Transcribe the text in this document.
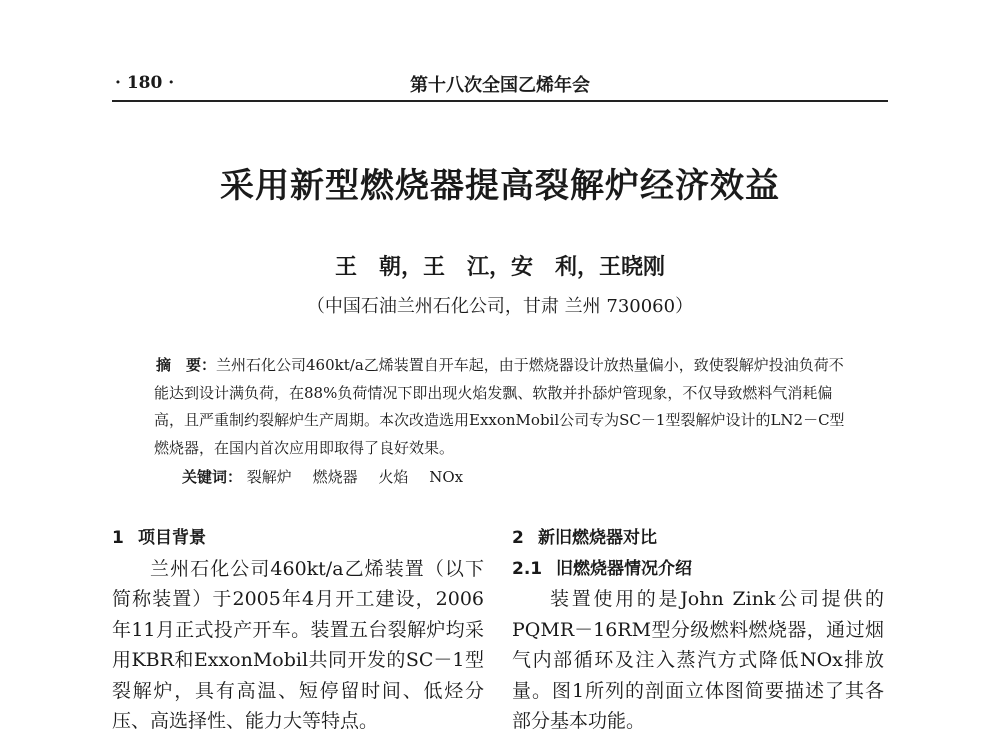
· 180 ·	第十八次全国乙烯年会
采用新型燃烧器提高裂解炉经济效益
王　朝，王　江，安　利，王晓刚
（中国石油兰州石化公司，甘肃 兰州 730060）
摘　要：兰州石化公司460kt/a乙烯装置自开车起，由于燃烧器设计放热量偏小，致使裂解炉投油负荷不能达到设计满负荷，在88%负荷情况下即出现火焰发飘、软散并扑舔炉管现象，不仅导致燃料气消耗偏高，且严重制约裂解炉生产周期。本次改造选用ExxonMobil公司专为SC－1型裂解炉设计的LN2－C型燃烧器，在国内首次应用即取得了良好效果。
关键词： 裂解炉 燃烧器 火焰 NOx
1 项目背景
兰州石化公司460kt/a乙烯装置（以下简称装置）于2005年4月开工建设，2006年11月正式投产开车。装置五台裂解炉均采用KBR和ExxonMobil共同开发的SC－1型裂解炉，具有高温、短停留时间、低烃分压、高选择性、能力大等特点。
2 新旧燃烧器对比
2.1 旧燃烧器情况介绍
装置使用的是John Zink公司提供的PQMR－16RM型分级燃料燃烧器，通过烟气内部循环及注入蒸汽方式降低NOx排放量。图1所列的剖面立体图简要描述了其各部分基本功能。
